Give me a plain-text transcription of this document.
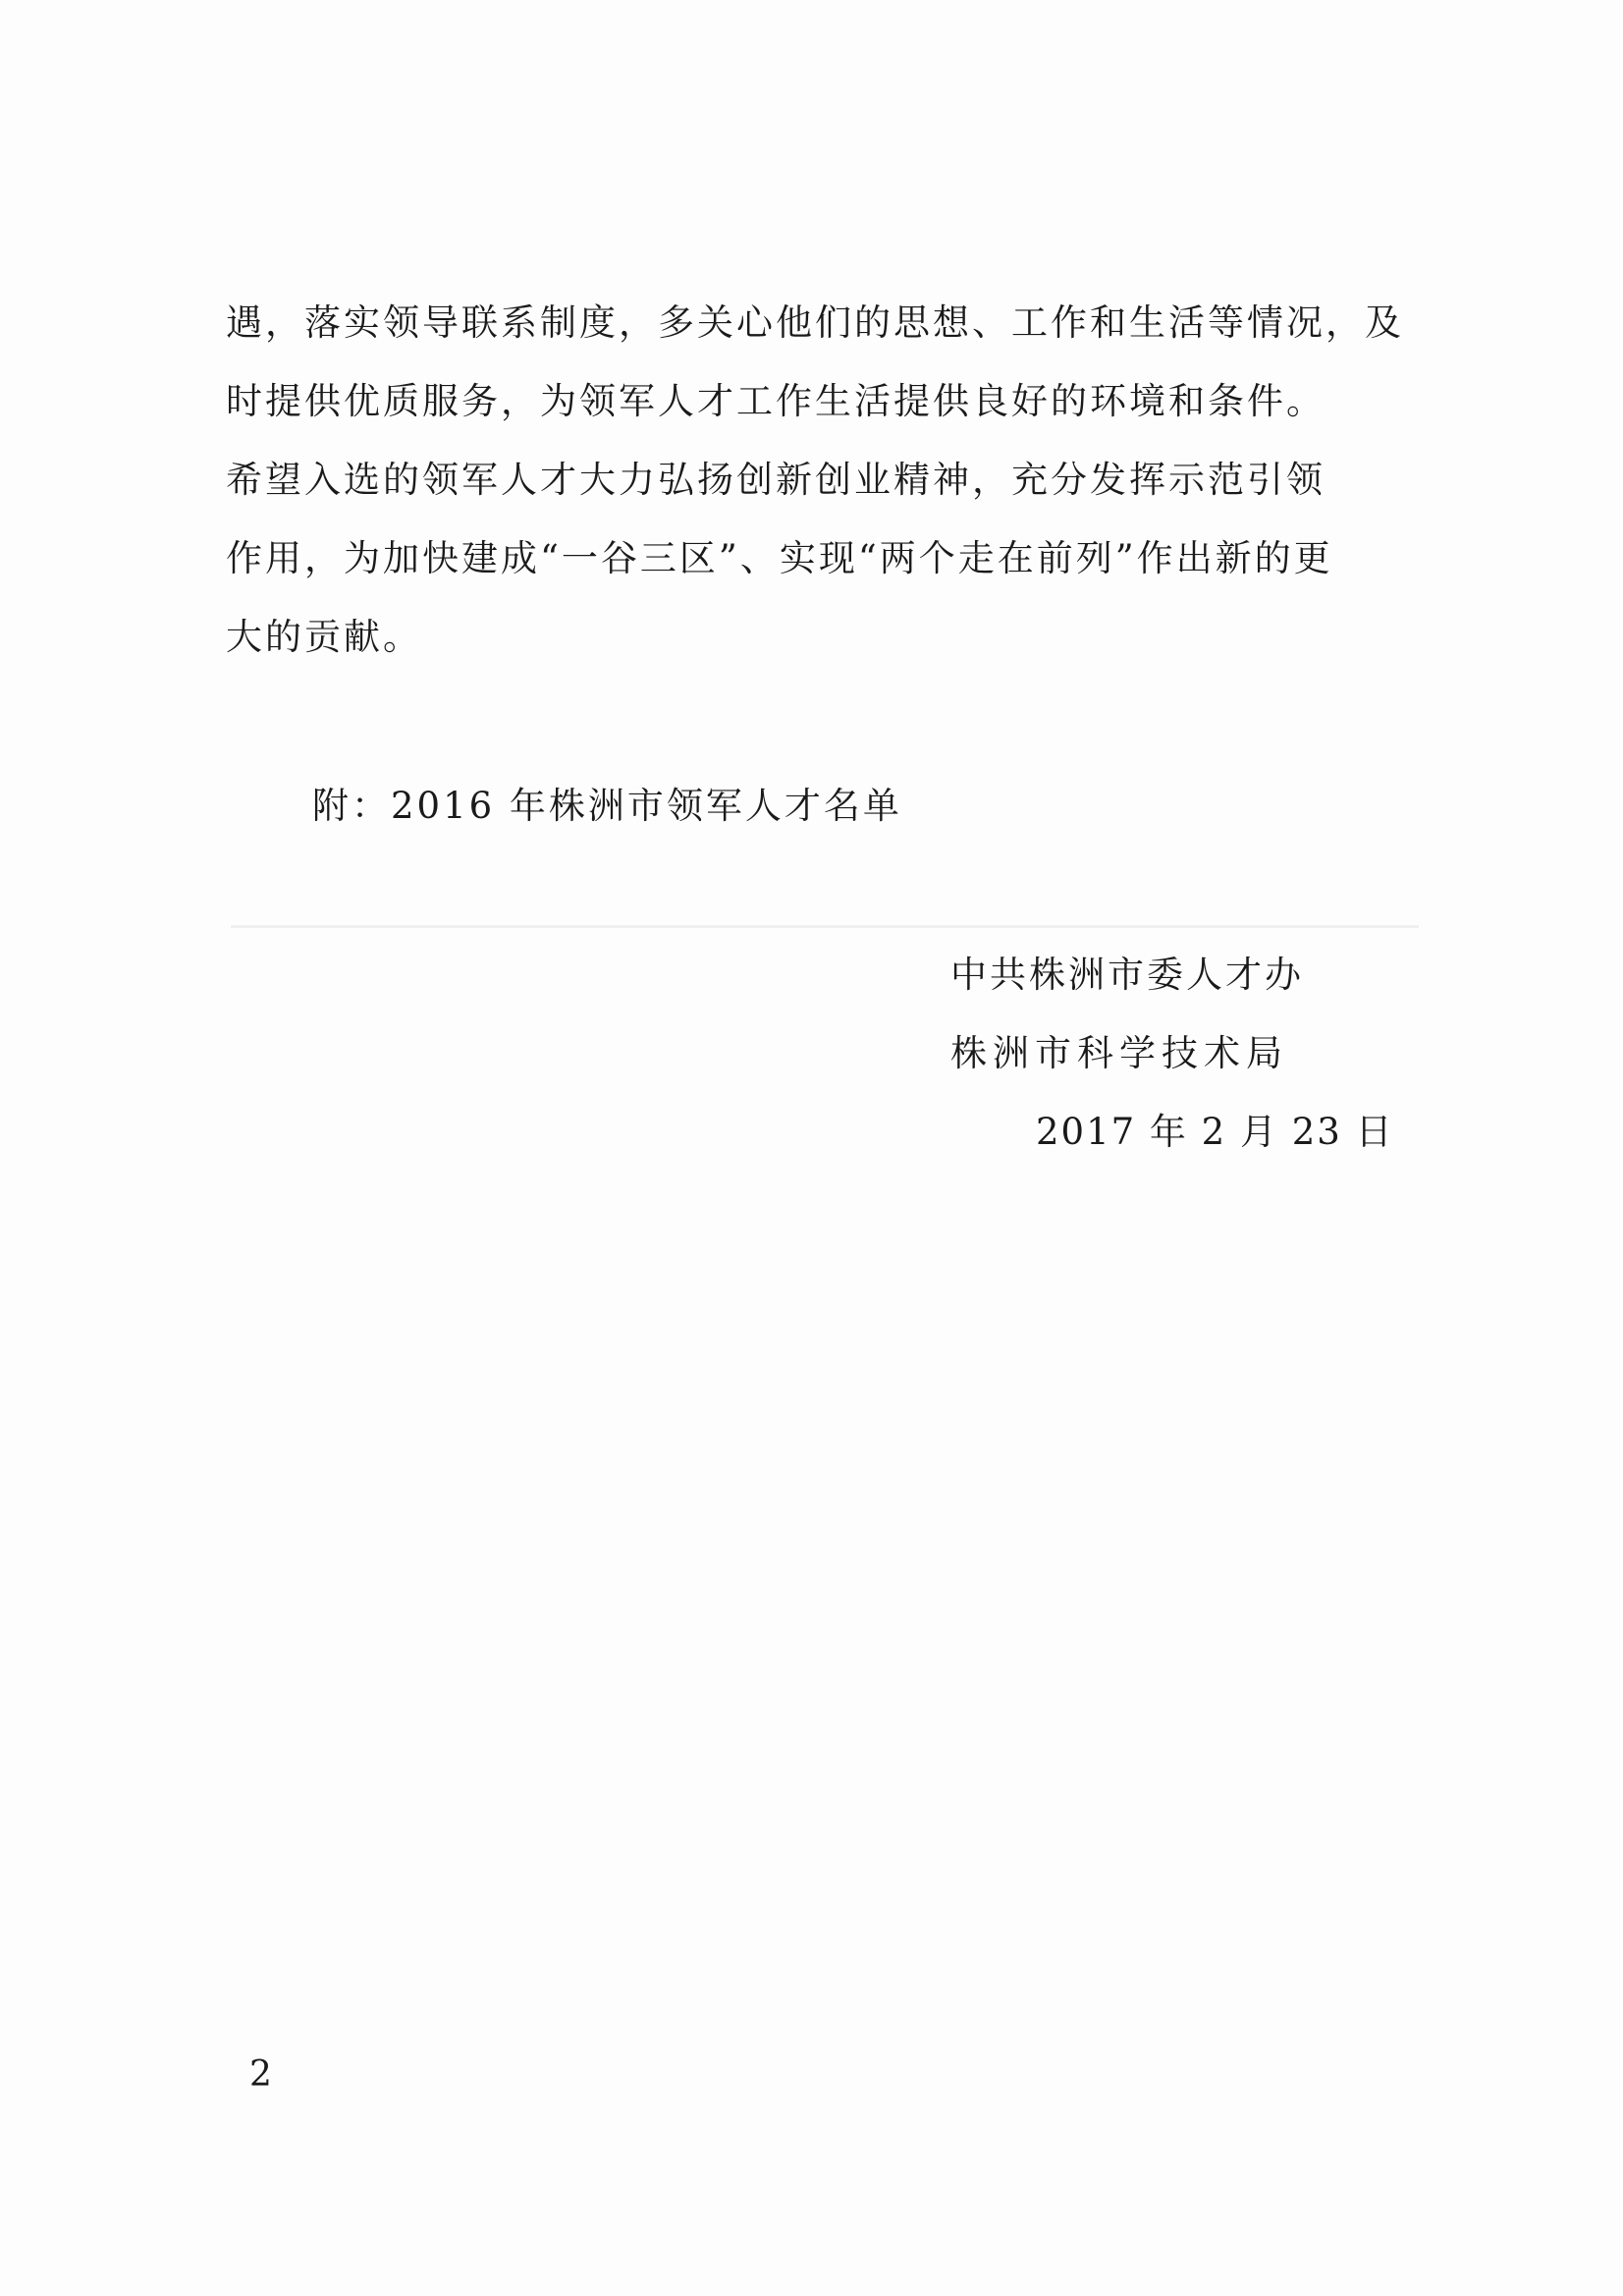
遇，落实领导联系制度，多关心他们的思想、工作和生活等情况，及
时提供优质服务，为领军人才工作生活提供良好的环境和条件。
希望入选的领军人才大力弘扬创新创业精神，充分发挥示范引领
作用，为加快建成“一谷三区”、实现“两个走在前列”作出新的更
大的贡献。
附：2016 年株洲市领军人才名单
中共株洲市委人才办
株洲市科学技术局
2017 年 2 月 23 日
2
